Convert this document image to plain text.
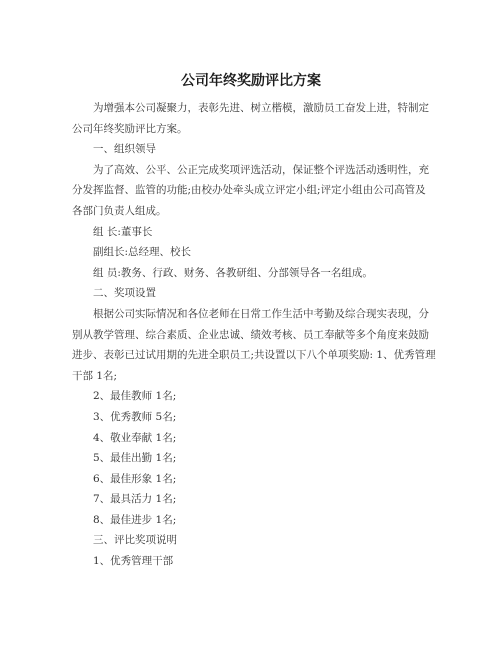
公司年终奖励评比方案

为增强本公司凝聚力，表彰先进、树立楷模，激励员工奋发上进，特制定公司年终奖励评比方案。

一、组织领导

为了高效、公平、公正完成奖项评选活动，保证整个评选活动透明性，充分发挥监督、监管的功能;由校办处牵头成立评定小组;评定小组由公司高管及各部门负责人组成。

组 长:董事长

副组长:总经理、校长

组 员:教务、行政、财务、各教研组、分部领导各一名组成。

二、奖项设置

根据公司实际情况和各位老师在日常工作生活中考勤及综合现实表现，分别从教学管理、综合素质、企业忠诚、绩效考核、员工奉献等多个角度来鼓励进步、表彰已过试用期的先进全职员工;共设置以下八个单项奖励: 1、优秀管理干部 1名;

2、最佳教师 1名;

3、优秀教师 5名;

4、敬业奉献 1名;

5、最佳出勤 1名;

6、最佳形象 1名;

7、最具活力 1名;

8、最佳进步 1名;

三、评比奖项说明

1、优秀管理干部
